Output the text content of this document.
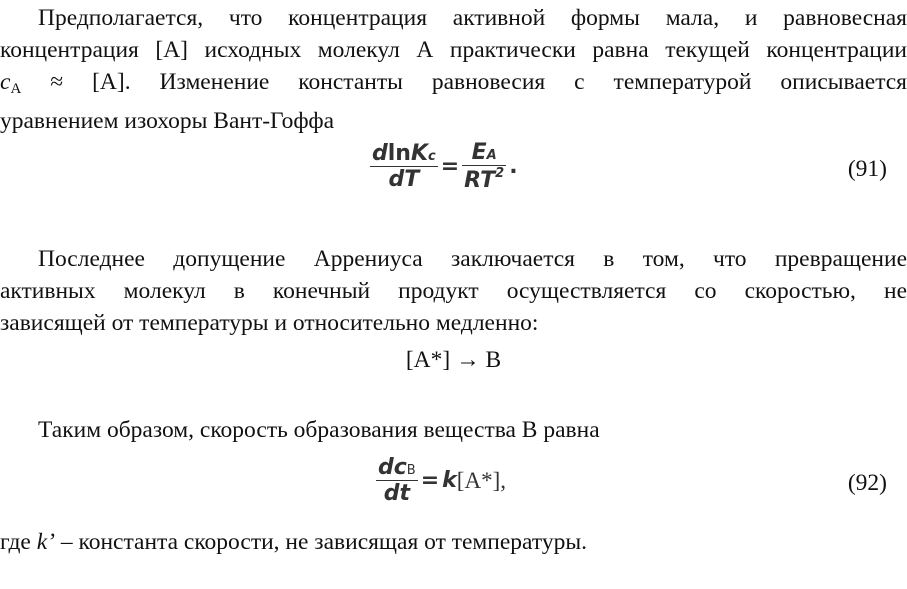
Предполагается, что концентрация активной формы мала, и равновесная
концентрация [A] исходных молекул А практически равна текущей концентрации
$c_A \approx [A]$. Изменение константы равновесия с температурой описывается
уравнением изохоры Вант-Гоффа
$\frac{\text{dlnKc}}{dT} = \frac{EA}{RT^2}$ .	(91)
Последнее допущение Аррениуса заключается в том, что превращение
активных молекул в конечный продукт осуществляется со скоростью, не
зависящей от температуры и относительно медленно:
[A*] → B
Таким образом, скорость образования вещества B равна
$\frac{\text{dcB}}{dt} = k[A*]$,	(92)
где k’ – константа скорости, не зависящая от температуры.
